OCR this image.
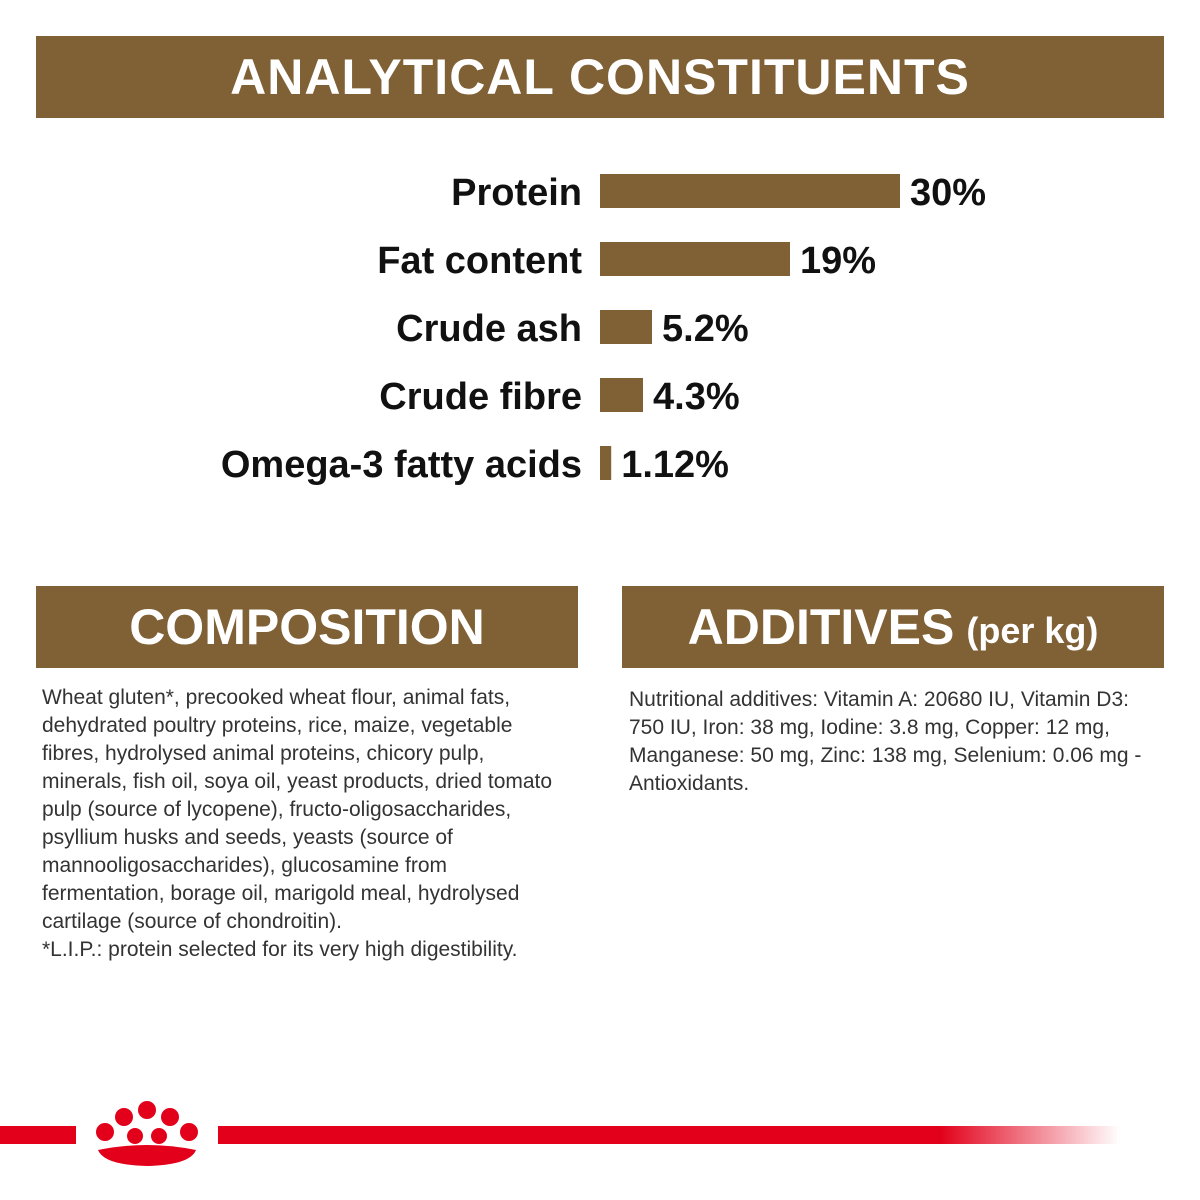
ANALYTICAL CONSTITUENTS
Protein	30%
Fat content	19%
Crude ash 5.2%
Crude fibre 4.3%
Omega-3 fatty acids 1.12%
COMPOSITION	ADDITIVES (per kg)

Wheat gluten*, precooked wheat flour, animal fats,

dehydrated poultry proteins, rice, maize, vegetable

fibres, hydrolysed animal proteins, chicory pulp,

minerals, fish oil, soya oil, yeast products, dried tomato

pulp (source of lycopene), fructo-oligosaccharides,

psyllium husks and seeds, yeasts (source of

mannooligosaccharides), glucosamine from

fermentation, borage oil, marigold meal, hydrolysed

cartilage (source of chondroitin).

*L.I.P.: protein selected for its very high digestibility.

Nutritional additives: Vitamin A: 20680 IU, Vitamin D3:

750 IU, Iron: 38 mg, Iodine: 3.8 mg, Copper: 12 mg,

Manganese: 50 mg, Zinc: 138 mg, Selenium: 0.06 mg -

Antioxidants.
